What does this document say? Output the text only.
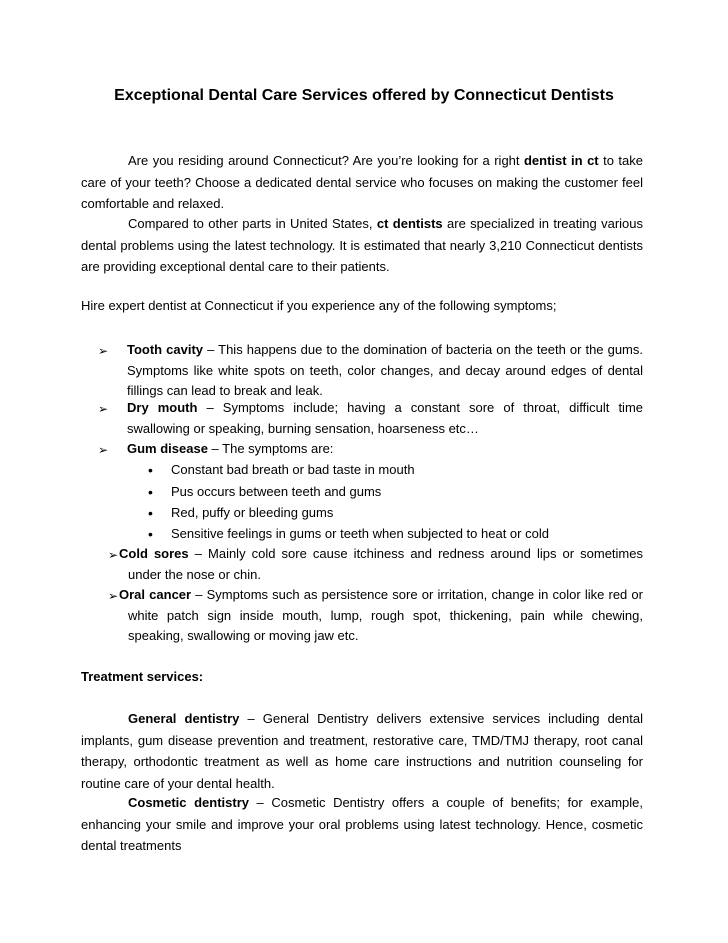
Exceptional Dental Care Services offered by Connecticut Dentists
Are you residing around Connecticut? Are you’re looking for a right dentist in ct to take care of your teeth? Choose a dedicated dental service who focuses on making the customer feel comfortable and relaxed.
Compared to other parts in United States, ct dentists are specialized in treating various dental problems using the latest technology. It is estimated that nearly 3,210 Connecticut dentists are providing exceptional dental care to their patients.
Hire expert dentist at Connecticut if you experience any of the following symptoms;
➢ Tooth cavity – This happens due to the domination of bacteria on the teeth or the gums. Symptoms like white spots on teeth, color changes, and decay around edges of dental fillings can lead to break and leak.
➢ Dry mouth – Symptoms include; having a constant sore of throat, difficult time swallowing or speaking, burning sensation, hoarseness etc…
➢ Gum disease – The symptoms are:
• Constant bad breath or bad taste in mouth
• Pus occurs between teeth and gums
• Red, puffy or bleeding gums
• Sensitive feelings in gums or teeth when subjected to heat or cold
➢ Cold sores – Mainly cold sore cause itchiness and redness around lips or sometimes under the nose or chin.
➢ Oral cancer – Symptoms such as persistence sore or irritation, change in color like red or white patch sign inside mouth, lump, rough spot, thickening, pain while chewing, speaking, swallowing or moving jaw etc.
Treatment services:
General dentistry – General Dentistry delivers extensive services including dental implants, gum disease prevention and treatment, restorative care, TMD/TMJ therapy, root canal therapy, orthodontic treatment as well as home care instructions and nutrition counseling for routine care of your dental health.
Cosmetic dentistry – Cosmetic Dentistry offers a couple of benefits; for example, enhancing your smile and improve your oral problems using latest technology. Hence, cosmetic dental treatments
